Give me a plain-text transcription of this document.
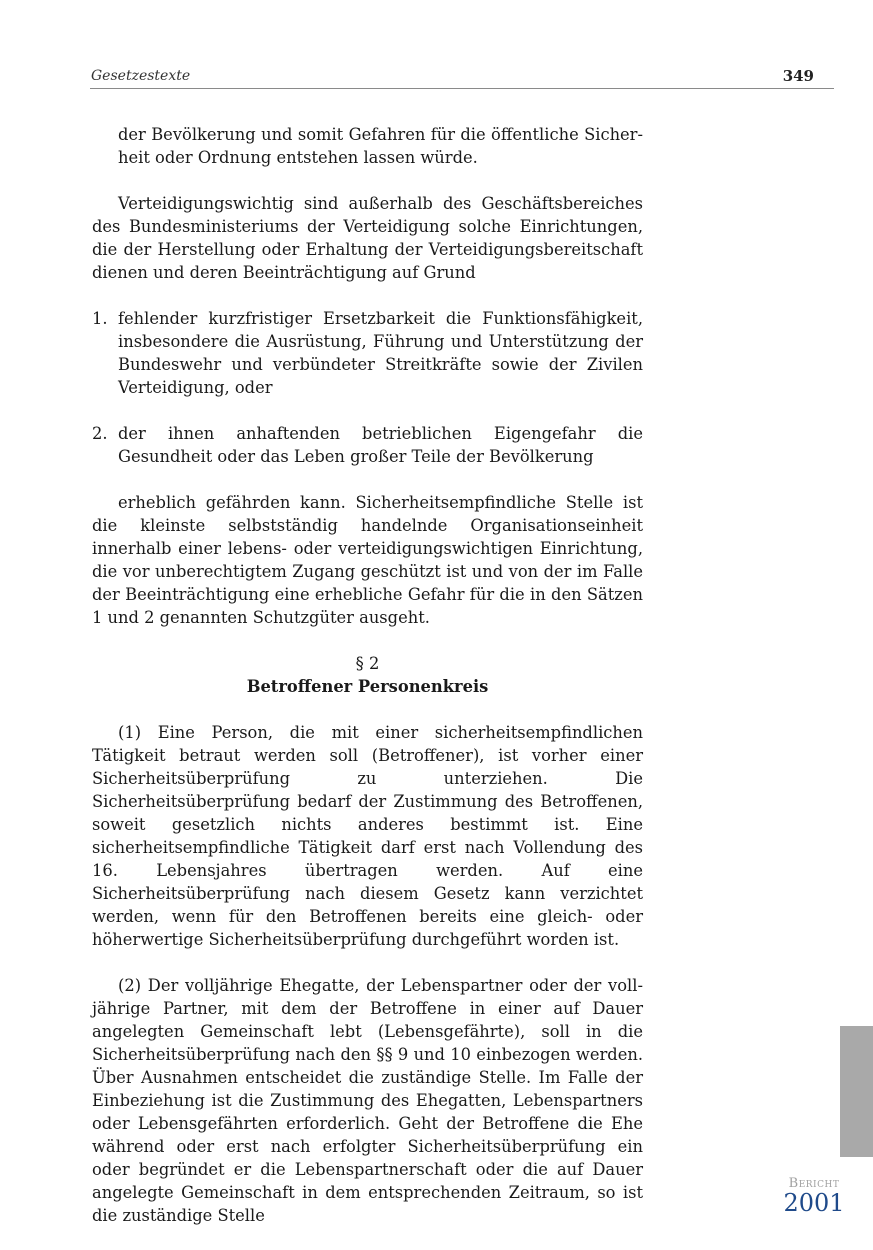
Gesetzestexte	349

der Bevölkerung und somit Gefahren für die öffentliche Sicherheit oder Ordnung entstehen lassen würde.

Verteidigungswichtig sind außerhalb des Geschäftsbereiches des Bundesministeriums der Verteidigung solche Einrichtungen, die der Herstellung oder Erhaltung der Verteidigungsbereitschaft dienen und deren Beeinträchtigung auf Grund

1. fehlender kurzfristiger Ersetzbarkeit die Funktionsfähigkeit, insbesondere die Ausrüstung, Führung und Unterstützung der Bundeswehr und verbündeter Streitkräfte sowie der Zivilen Verteidigung, oder
2. der ihnen anhaftenden betrieblichen Eigengefahr die Gesundheit oder das Leben großer Teile der Bevölkerung

erheblich gefährden kann. Sicherheitsempfindliche Stelle ist die kleinste selbstständig handelnde Organisationseinheit innerhalb einer lebens- oder verteidigungswichtigen Einrichtung, die vor unberechtigtem Zugang geschützt ist und von der im Falle der Beeinträchtigung eine erhebliche Gefahr für die in den Sätzen 1 und 2 genannten Schutzgüter ausgeht.

§ 2
Betroffener Personenkreis

(1) Eine Person, die mit einer sicherheitsempfindlichen Tätigkeit betraut werden soll (Betroffener), ist vorher einer Sicherheitsüberprüfung zu unterziehen. Die Sicherheitsüberprüfung bedarf der Zustimmung des Betroffenen, soweit gesetzlich nichts anderes bestimmt ist. Eine sicherheitsempfindliche Tätigkeit darf erst nach Vollendung des 16. Lebensjahres übertragen werden. Auf eine Sicherheitsüberprüfung nach diesem Gesetz kann verzichtet werden, wenn für den Betroffenen bereits eine gleich- oder höherwertige Sicherheitsüberprüfung durchgeführt worden ist.

(2) Der volljährige Ehegatte, der Lebenspartner oder der volljährige Partner, mit dem der Betroffene in einer auf Dauer angelegten Gemeinschaft lebt (Lebensgefährte), soll in die Sicherheitsüberprüfung nach den §§ 9 und 10 einbezogen werden. Über Ausnahmen entscheidet die zuständige Stelle. Im Falle der Einbeziehung ist die Zustimmung des Ehegatten, Lebenspartners oder Lebensgefährten erforderlich. Geht der Betroffene die Ehe während oder erst nach erfolgter Sicherheitsüberprüfung ein oder begründet er die Lebenspartnerschaft oder die auf Dauer angelegte Gemeinschaft in dem entsprechenden Zeitraum, so ist die zuständige Stelle

Bericht
2001
